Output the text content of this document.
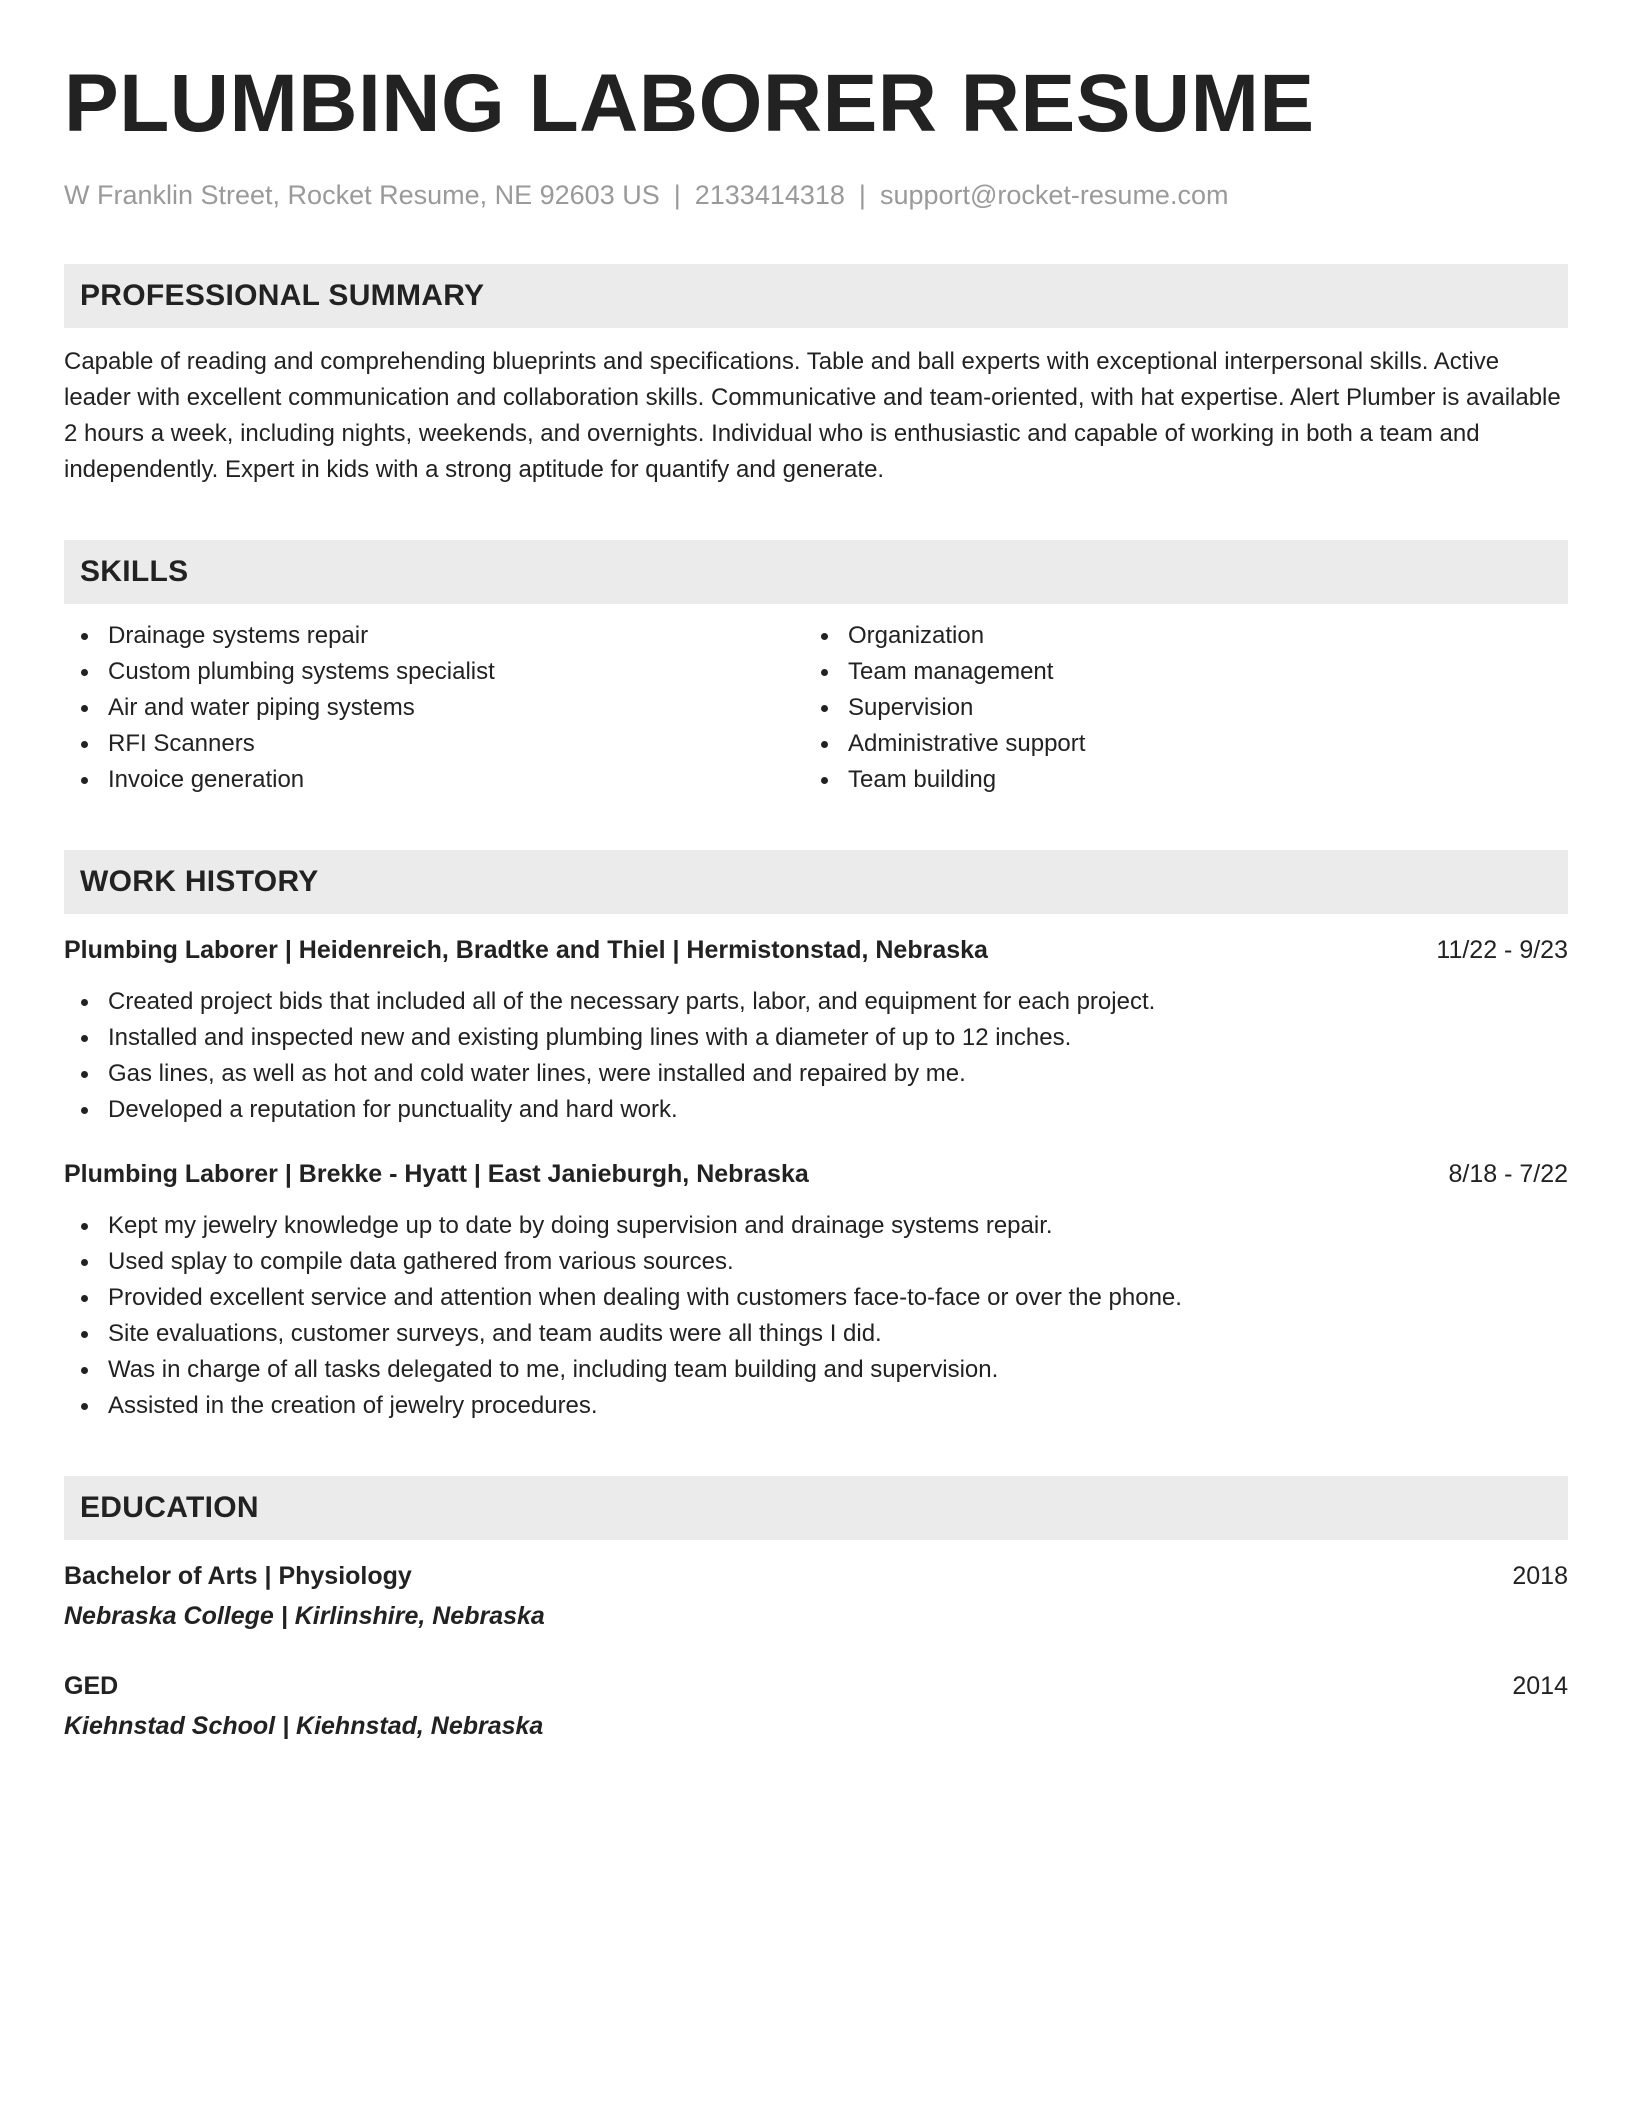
PLUMBING LABORER RESUME
W Franklin Street, Rocket Resume, NE 92603 US | 2133414318 | support@rocket-resume.com
PROFESSIONAL SUMMARY
Capable of reading and comprehending blueprints and specifications. Table and ball experts with exceptional interpersonal skills. Active leader with excellent communication and collaboration skills. Communicative and team-oriented, with hat expertise. Alert Plumber is available 2 hours a week, including nights, weekends, and overnights. Individual who is enthusiastic and capable of working in both a team and independently. Expert in kids with a strong aptitude for quantify and generate.
SKILLS
Drainage systems repair
Custom plumbing systems specialist
Air and water piping systems
RFI Scanners
Invoice generation
Organization
Team management
Supervision
Administrative support
Team building
WORK HISTORY
Plumbing Laborer | Heidenreich, Bradtke and Thiel | Hermistonstad, Nebraska	11/22 - 9/23
Created project bids that included all of the necessary parts, labor, and equipment for each project.
Installed and inspected new and existing plumbing lines with a diameter of up to 12 inches.
Gas lines, as well as hot and cold water lines, were installed and repaired by me.
Developed a reputation for punctuality and hard work.
Plumbing Laborer | Brekke - Hyatt | East Janieburgh, Nebraska	8/18 - 7/22
Kept my jewelry knowledge up to date by doing supervision and drainage systems repair.
Used splay to compile data gathered from various sources.
Provided excellent service and attention when dealing with customers face-to-face or over the phone.
Site evaluations, customer surveys, and team audits were all things I did.
Was in charge of all tasks delegated to me, including team building and supervision.
Assisted in the creation of jewelry procedures.
EDUCATION
Bachelor of Arts | Physiology	2018
Nebraska College | Kirlinshire, Nebraska
GED	2014
Kiehnstad School | Kiehnstad, Nebraska
